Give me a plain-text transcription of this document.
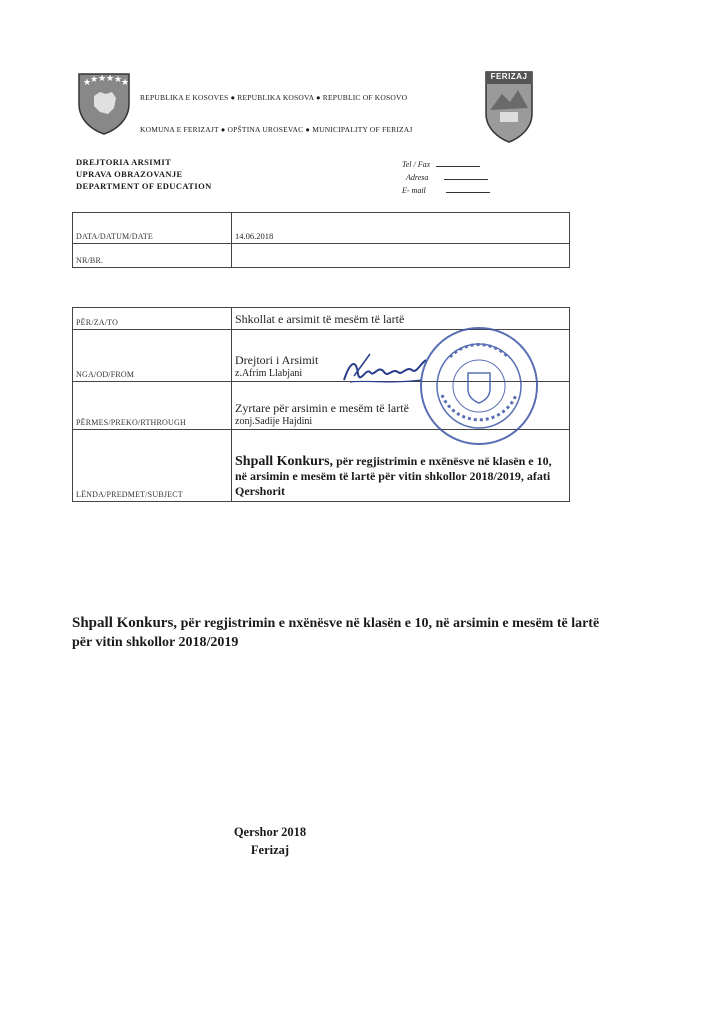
★
★ ★ ★ ★
★
REPUBLIKA E KOSOVES ● REPUBLIKA KOSOVA ● REPUBLIC OF KOSOVO
KOMUNA E FERIZAJT ● OPŠTINA UROSEVAC ● MUNICIPALITY OF FERIZAJ
FERIZAJ
DREJTORIA ARSIMIT
UPRAVA OBRAZOVANJE
DEPARTMENT OF EDUCATION
Tel / Fax
Adresa
E- mail
DATA/DATUM/DATE	14.06.2018
NR/BR.	
PËR/ZA/TO	Shkollat e arsimit të mesëm të lartë
NGA/OD/FROM	Drejtori i Arsimit
z.Afrim Llabjani

PËRMES/PREKO/RTHROUGH	Zyrtare për arsimin e mesëm të lartë
zonj.Sadije Hajdini

LËNDA/PREDMET/SUBJECT	Shpall Konkurs, për regjistrimin e nxënësve në klasën e 10, në arsimin e mesëm të lartë për vitin shkollor 2018/2019, afati Qershorit
Shpall Konkurs, për regjistrimin e nxënësve në klasën e 10, në arsimin e mesëm të lartë për vitin shkollor 2018/2019
Qershor 2018
Ferizaj
